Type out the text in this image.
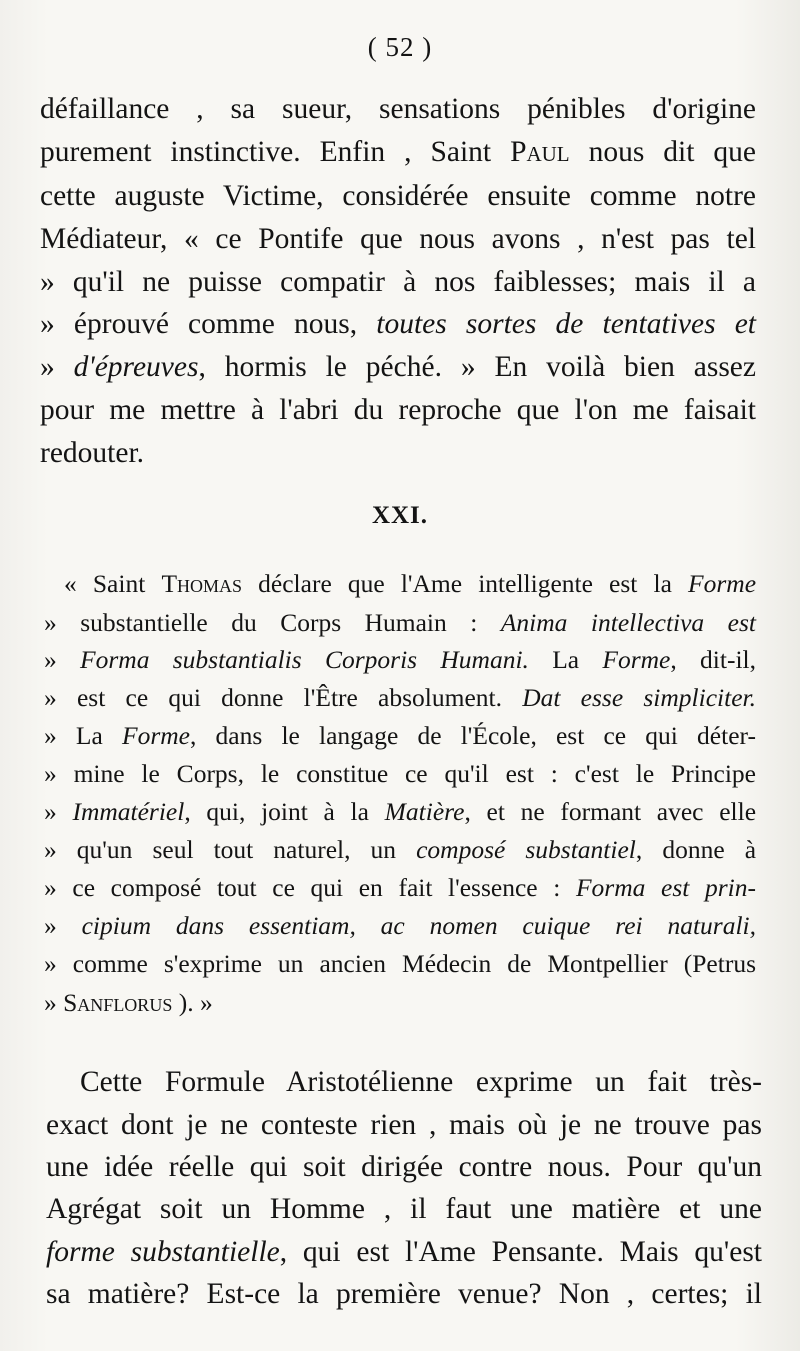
( 52 )

défaillance , sa sueur, sensations pénibles d'origine

purement instinctive. Enfin , Saint Paul nous dit que

cette auguste Victime, considérée ensuite comme notre

Médiateur, « ce Pontife que nous avons , n'est pas tel

» qu'il ne puisse compatir à nos faiblesses; mais il a

» éprouvé comme nous, toutes sortes de tentatives et

» d'épreuves, hormis le péché. » En voilà bien assez

pour me mettre à l'abri du reproche que l'on me faisait

redouter.

XXI.

« Saint Thomas déclare que l'Ame intelligente est la Forme

» substantielle du Corps Humain : Anima intellectiva est

» Forma substantialis Corporis Humani. La Forme, dit-il,

» est ce qui donne l'Être absolument. Dat esse simpliciter.

» La Forme, dans le langage de l'École, est ce qui déter-

» mine le Corps, le constitue ce qu'il est : c'est le Principe

» Immatériel, qui, joint à la Matière, et ne formant avec elle

» qu'un seul tout naturel, un composé substantiel, donne à

» ce composé tout ce qui en fait l'essence : Forma est prin-

» cipium dans essentiam, ac nomen cuique rei naturali,

» comme s'exprime un ancien Médecin de Montpellier (Petrus

» Sanflorus ). »

Cette Formule Aristotélienne exprime un fait très-

exact dont je ne conteste rien , mais où je ne trouve pas

une idée réelle qui soit dirigée contre nous. Pour qu'un

Agrégat soit un Homme , il faut une matière et une

forme substantielle, qui est l'Ame Pensante. Mais qu'est

sa matière? Est-ce la première venue? Non , certes; il
